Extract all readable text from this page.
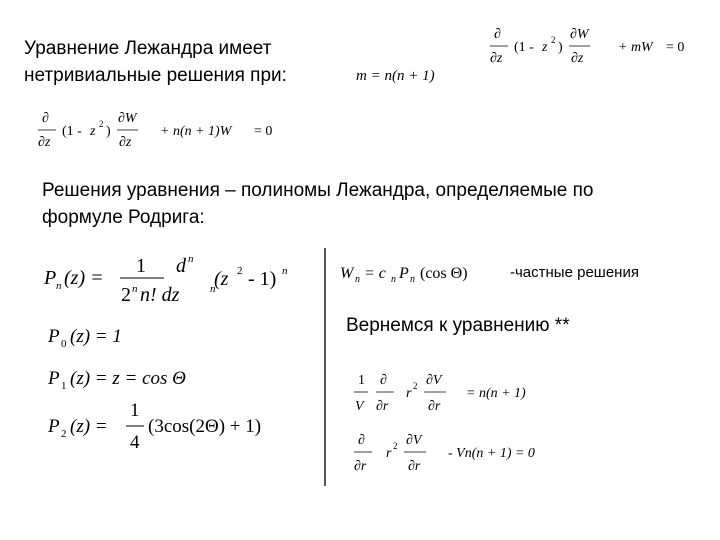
Уравнение Лежандра имеет
нетривиальные решения при:	m = n(n + 1)
∂
∂z
(1 - z 2 )
∂W
∂z
+ mW = 0
∂
∂z
(1 - z 2 )
∂W
∂z
+ n(n + 1)W = 0
Решения уравнения – полиномы Лежандра, определяемые по
формуле Родрига:
P n (z) =
1
2 n n! dz
d n
n
(z 2 - 1) n
P 0 (z) = 1
P 1 (z) = z = cos Θ
P 2 (z) =
1
4
(3cos(2Θ) + 1)
W n = c n P n (cos Θ)	-частные решения
Вернемся к уравнению **
1
V
∂
∂r
r 2 ∂V
∂r
= n(n + 1)
∂
∂r
r 2 ∂V
∂r
- Vn(n + 1) = 0
